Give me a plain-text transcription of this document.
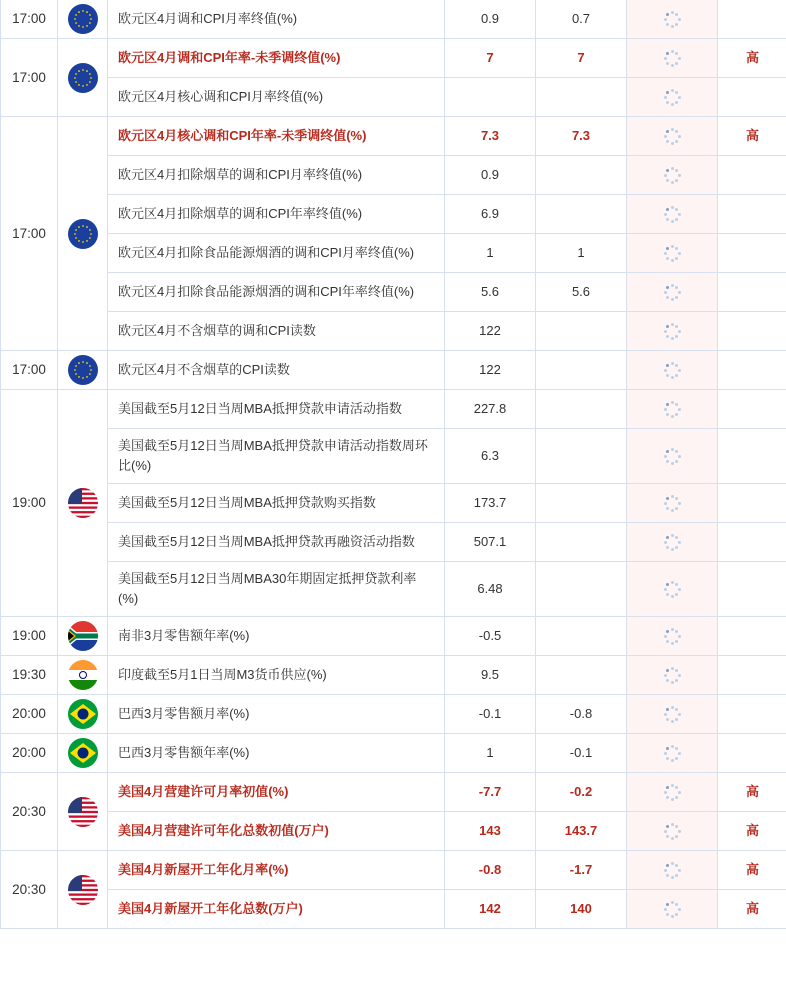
17:00		欧元区4月调和CPI月率终值(%)	0.9	0.7	

17:00		欧元区4月调和CPI年率-未季调终值(%)	7	7		高
		欧元区4月核心调和CPI月率终值(%)			

17:00		欧元区4月核心调和CPI年率-未季调终值(%)	7.3	7.3		高
		欧元区4月扣除烟草的调和CPI月率终值(%)	0.9		

		欧元区4月扣除烟草的调和CPI年率终值(%)	6.9		

		欧元区4月扣除食品能源烟酒的调和CPI月率终值(%)	1	1	

		欧元区4月扣除食品能源烟酒的调和CPI年率终值(%)	5.6	5.6	

		欧元区4月不含烟草的调和CPI读数	122		

17:00		欧元区4月不含烟草的CPI读数	122		

19:00		美国截至5月12日当周MBA抵押贷款申请活动指数	227.8		

		美国截至5月12日当周MBA抵押贷款申请活动指数周环比(%)	6.3		

		美国截至5月12日当周MBA抵押贷款购买指数	173.7		

		美国截至5月12日当周MBA抵押贷款再融资活动指数	507.1		

		美国截至5月12日当周MBA30年期固定抵押贷款利率(%)	6.48		

19:00		南非3月零售额年率(%)	-0.5		

19:30		印度截至5月1日当周M3货币供应(%)	9.5		

20:00		巴西3月零售额月率(%)	-0.1	-0.8	

20:00		巴西3月零售额年率(%)	1	-0.1	

20:30		美国4月营建许可月率初值(%)	-7.7	-0.2		高
		美国4月营建许可年化总数初值(万户)	143	143.7		高
20:30		美国4月新屋开工年化月率(%)	-0.8	-1.7		高
		美国4月新屋开工年化总数(万户)	142	140		高
